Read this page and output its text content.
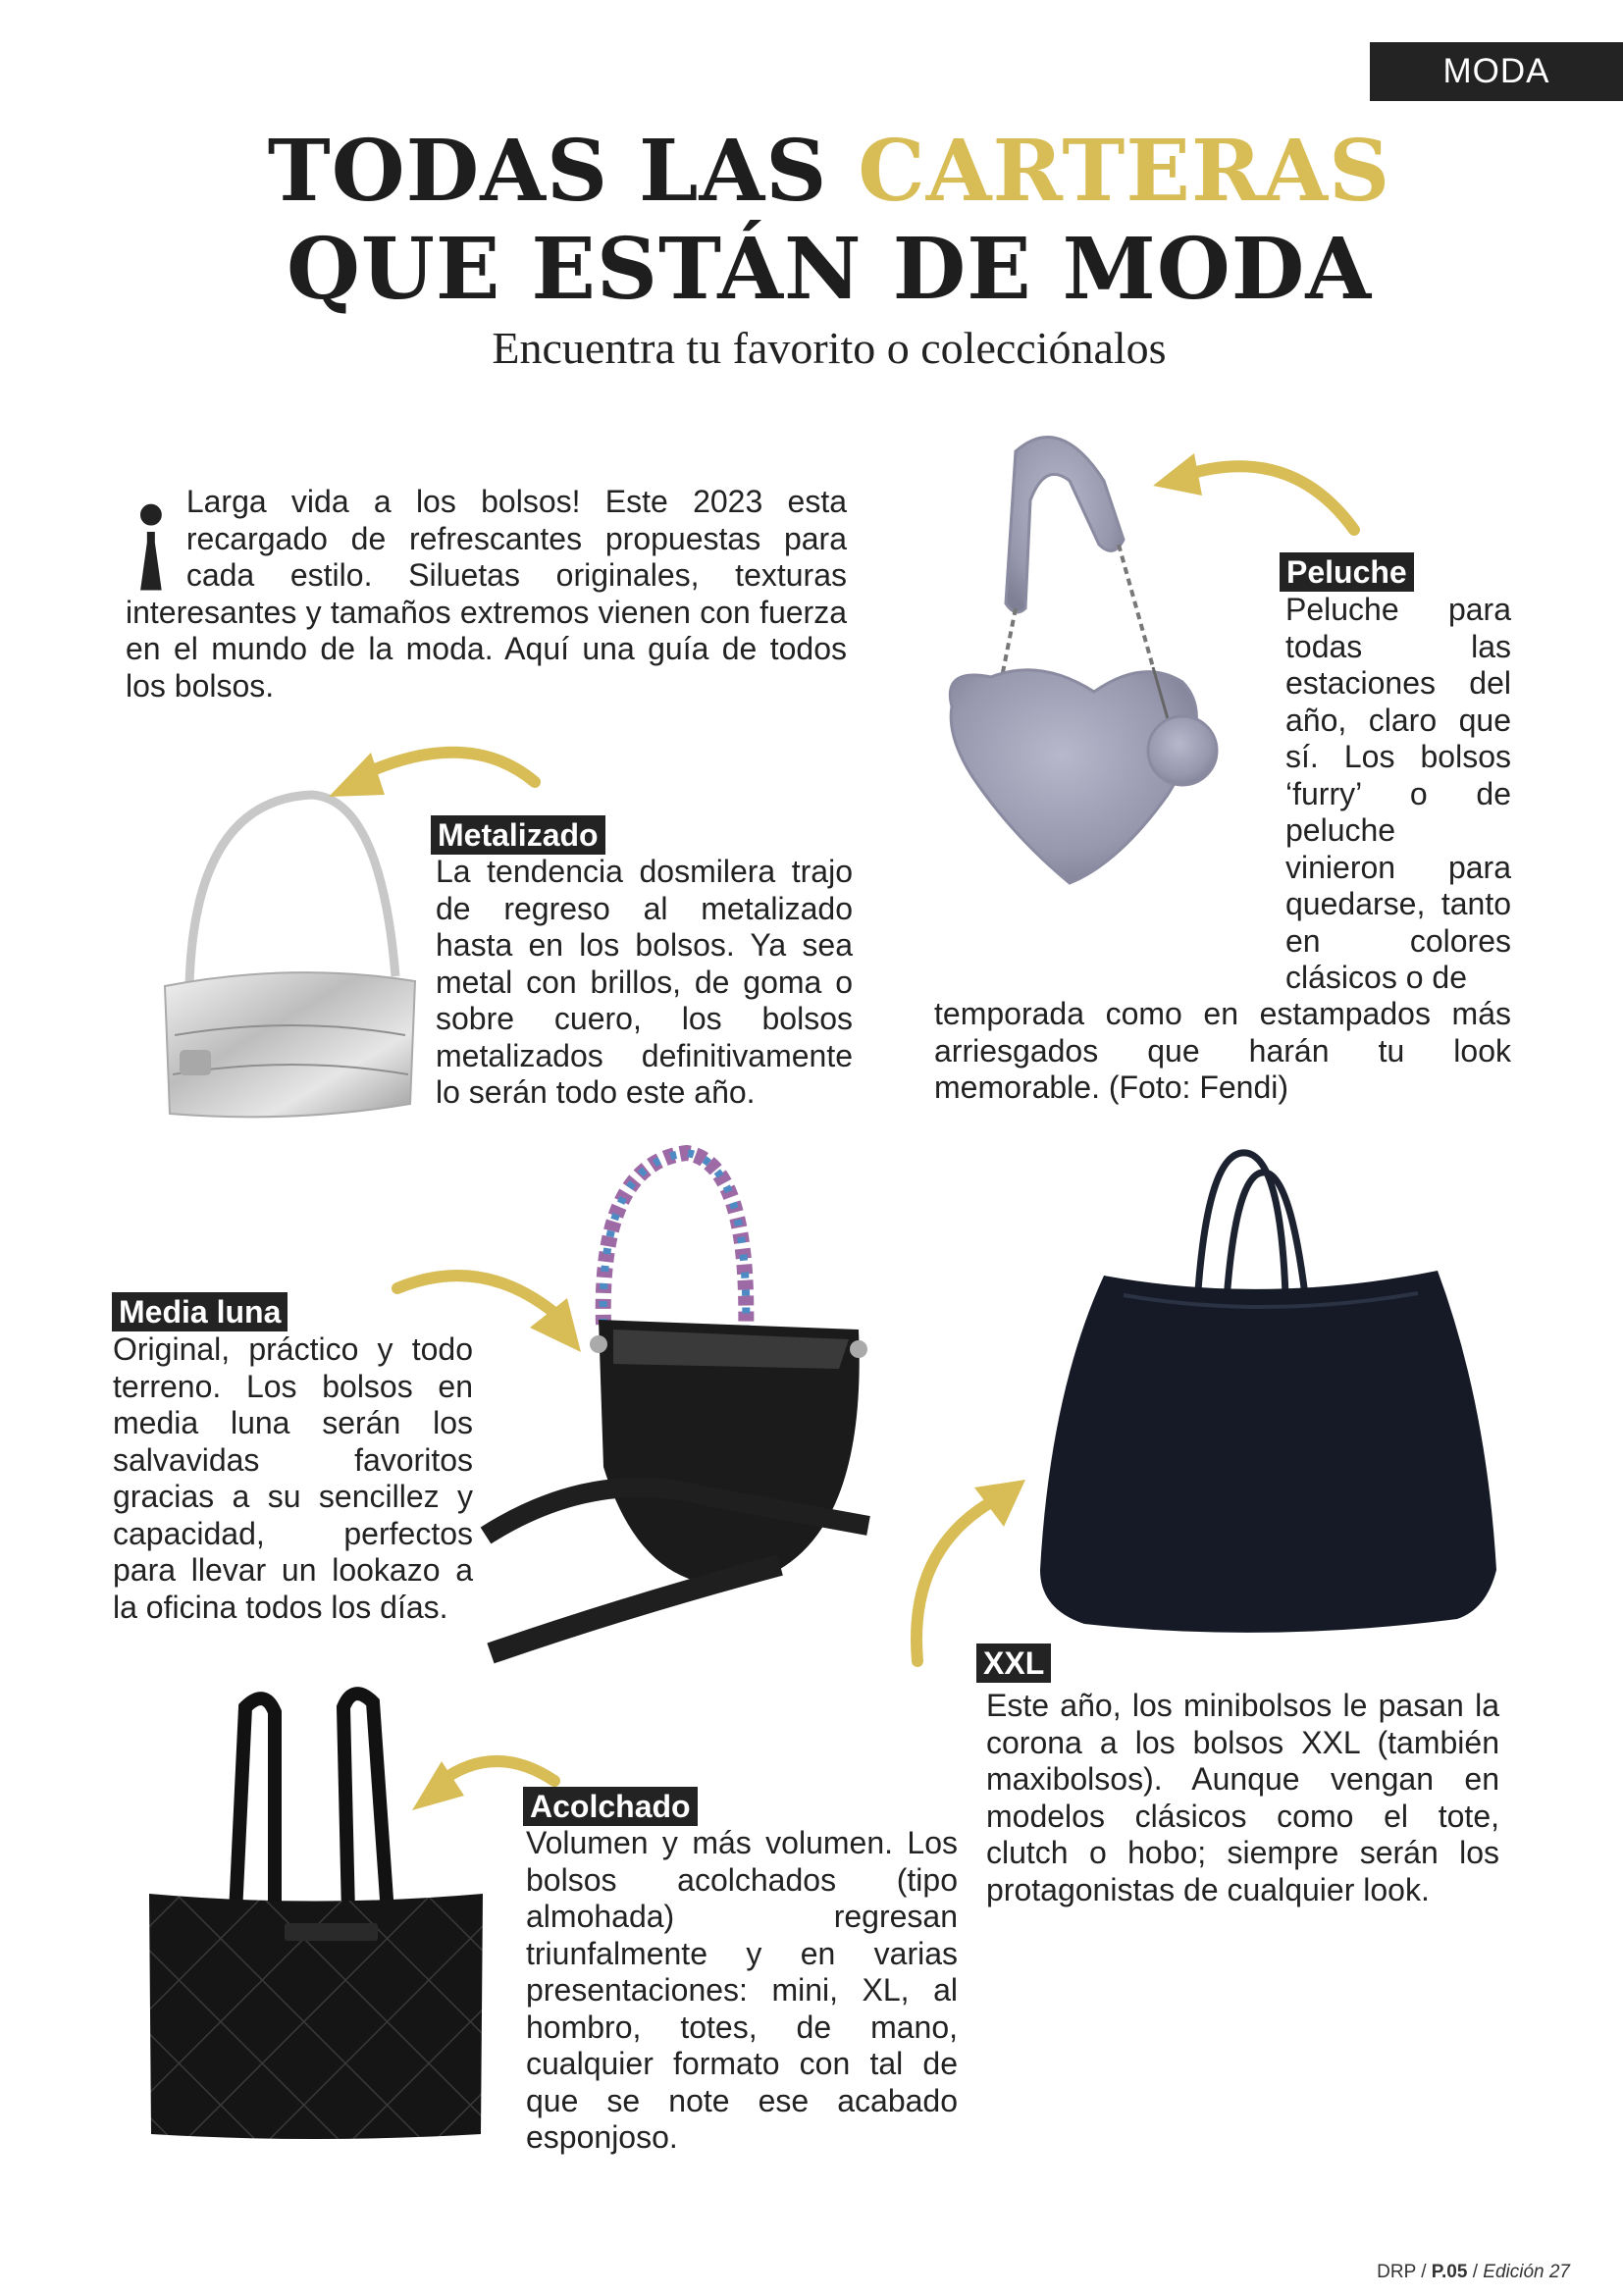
MODA
TODAS LAS CARTERAS
QUE ESTÁN DE MODA
Encuentra tu favorito o colecciónalos
¡ Larga vida a los bolsos! Este 2023 esta recargado de refrescantes propuestas para cada estilo. Siluetas originales, texturas interesantes y tamaños extremos vienen con fuerza en el mundo de la moda. Aquí una guía de todos los bolsos.
Peluche
Peluche para todas las estaciones del año, claro que sí. Los bolsos ‘furry’ o de peluche vinieron para quedarse, tanto en colores clásicos o de
temporada como en estampados más arriesgados que harán tu look memorable. (Foto: Fendi)
Metalizado
La tendencia dosmilera trajo de regreso al metalizado hasta en los bolsos. Ya sea metal con brillos, de goma o sobre cuero, los bolsos metalizados definitivamente lo serán todo este año.
Media luna
Original, práctico y todo terreno. Los bolsos en media luna serán los salvavidas favoritos gracias a su sencillez y capacidad, perfectos para llevar un lookazo a la oficina todos los días.
XXL
Este año, los minibolsos le pasan la corona a los bolsos XXL (también maxibolsos). Aunque vengan en modelos clásicos como el tote, clutch o hobo; siempre serán los protagonistas de cualquier look.
Acolchado
Volumen y más volumen. Los bolsos acolchados (tipo almohada) regresan triunfalmente y en varias presentaciones: mini, XL, al hombro, totes, de mano, cualquier formato con tal de que se note ese acabado esponjoso.
DRP / P.05 / Edición 27
